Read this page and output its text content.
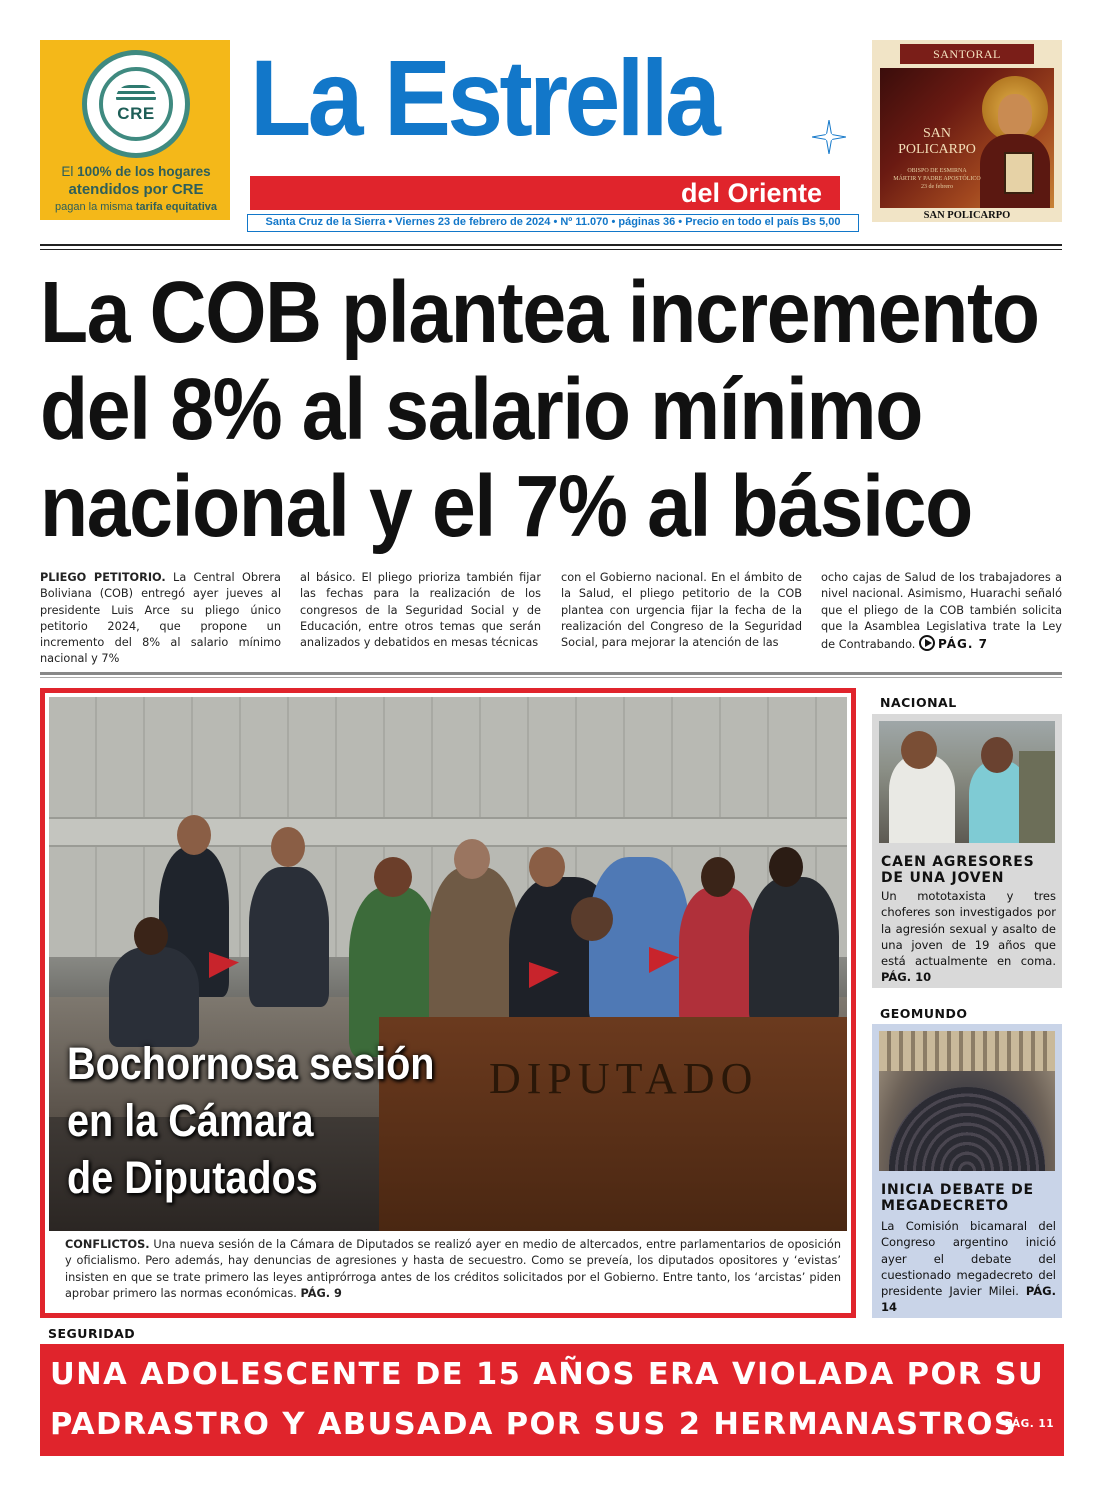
CRE
El 100% de los hogares
atendidos por CRE
pagan la misma tarifa equitativa
La Estrella
del Oriente
Santa Cruz de la Sierra • Viernes 23 de febrero de 2024 • Nº 11.070 • páginas 36 • Precio en todo el país Bs 5,00
SANTORAL
SAN
POLICARPO
OBISPO DE ESMIRNA
MÁRTIR Y PADRE APOSTÓLICO
23 de febrero
SAN POLICARPO
La COB plantea incremento
del 8% al salario mínimo
nacional y el 7% al básico
PLIEGO PETITORIO. La Central Obrera Boliviana (COB) entregó ayer jueves al presidente Luis Arce su pliego único petitorio 2024, que propone un incremento del 8% al salario mínimo nacional y 7%
al básico. El pliego prioriza también fijar las fechas para la realización de los congresos de la Seguridad Social y de Educación, entre otros temas que serán analizados y debatidos en mesas técnicas
con el Gobierno nacional. En el ámbito de la Salud, el pliego petitorio de la COB plantea con urgencia fijar la fecha de la realización del Congreso de la Seguridad Social, para mejorar la atención de las
ocho cajas de Salud de los trabajadores a nivel nacional. Asimismo, Huarachi señaló que el pliego de la COB también solicita que la Asamblea Legislativa trate la Ley de Contrabando. PÁG. 7
DIPUTADO
Bochornosa sesión
en la Cámara
de Diputados
CONFLICTOS. Una nueva sesión de la Cámara de Diputados se realizó ayer en medio de altercados, entre parlamentarios de oposición y oficialismo. Pero además, hay denuncias de agresiones y hasta de secuestro. Como se preveía, los diputados opositores y ‘evistas’ insisten en que se trate primero las leyes antiprórroga antes de los créditos solicitados por el Gobierno. Entre tanto, los ‘arcistas’ piden aprobar primero las normas económicas. PÁG. 9
NACIONAL
CAEN AGRESORES
DE UNA JOVEN
Un mototaxista y tres choferes son investigados por la agresión sexual y asalto de una joven de 19 años que está actualmente en coma. PÁG. 10
GEOMUNDO
INICIA DEBATE DE
MEGADECRETO
La Comisión bicamaral del Congreso argentino inició ayer el debate del cuestionado megadecreto del presidente Javier Milei. PÁG. 14
SEGURIDAD
UNA ADOLESCENTE DE 15 AÑOS ERA VIOLADA POR SU
PADRASTRO Y ABUSADA POR SUS 2 HERMANASTROS
PÁG. 11
